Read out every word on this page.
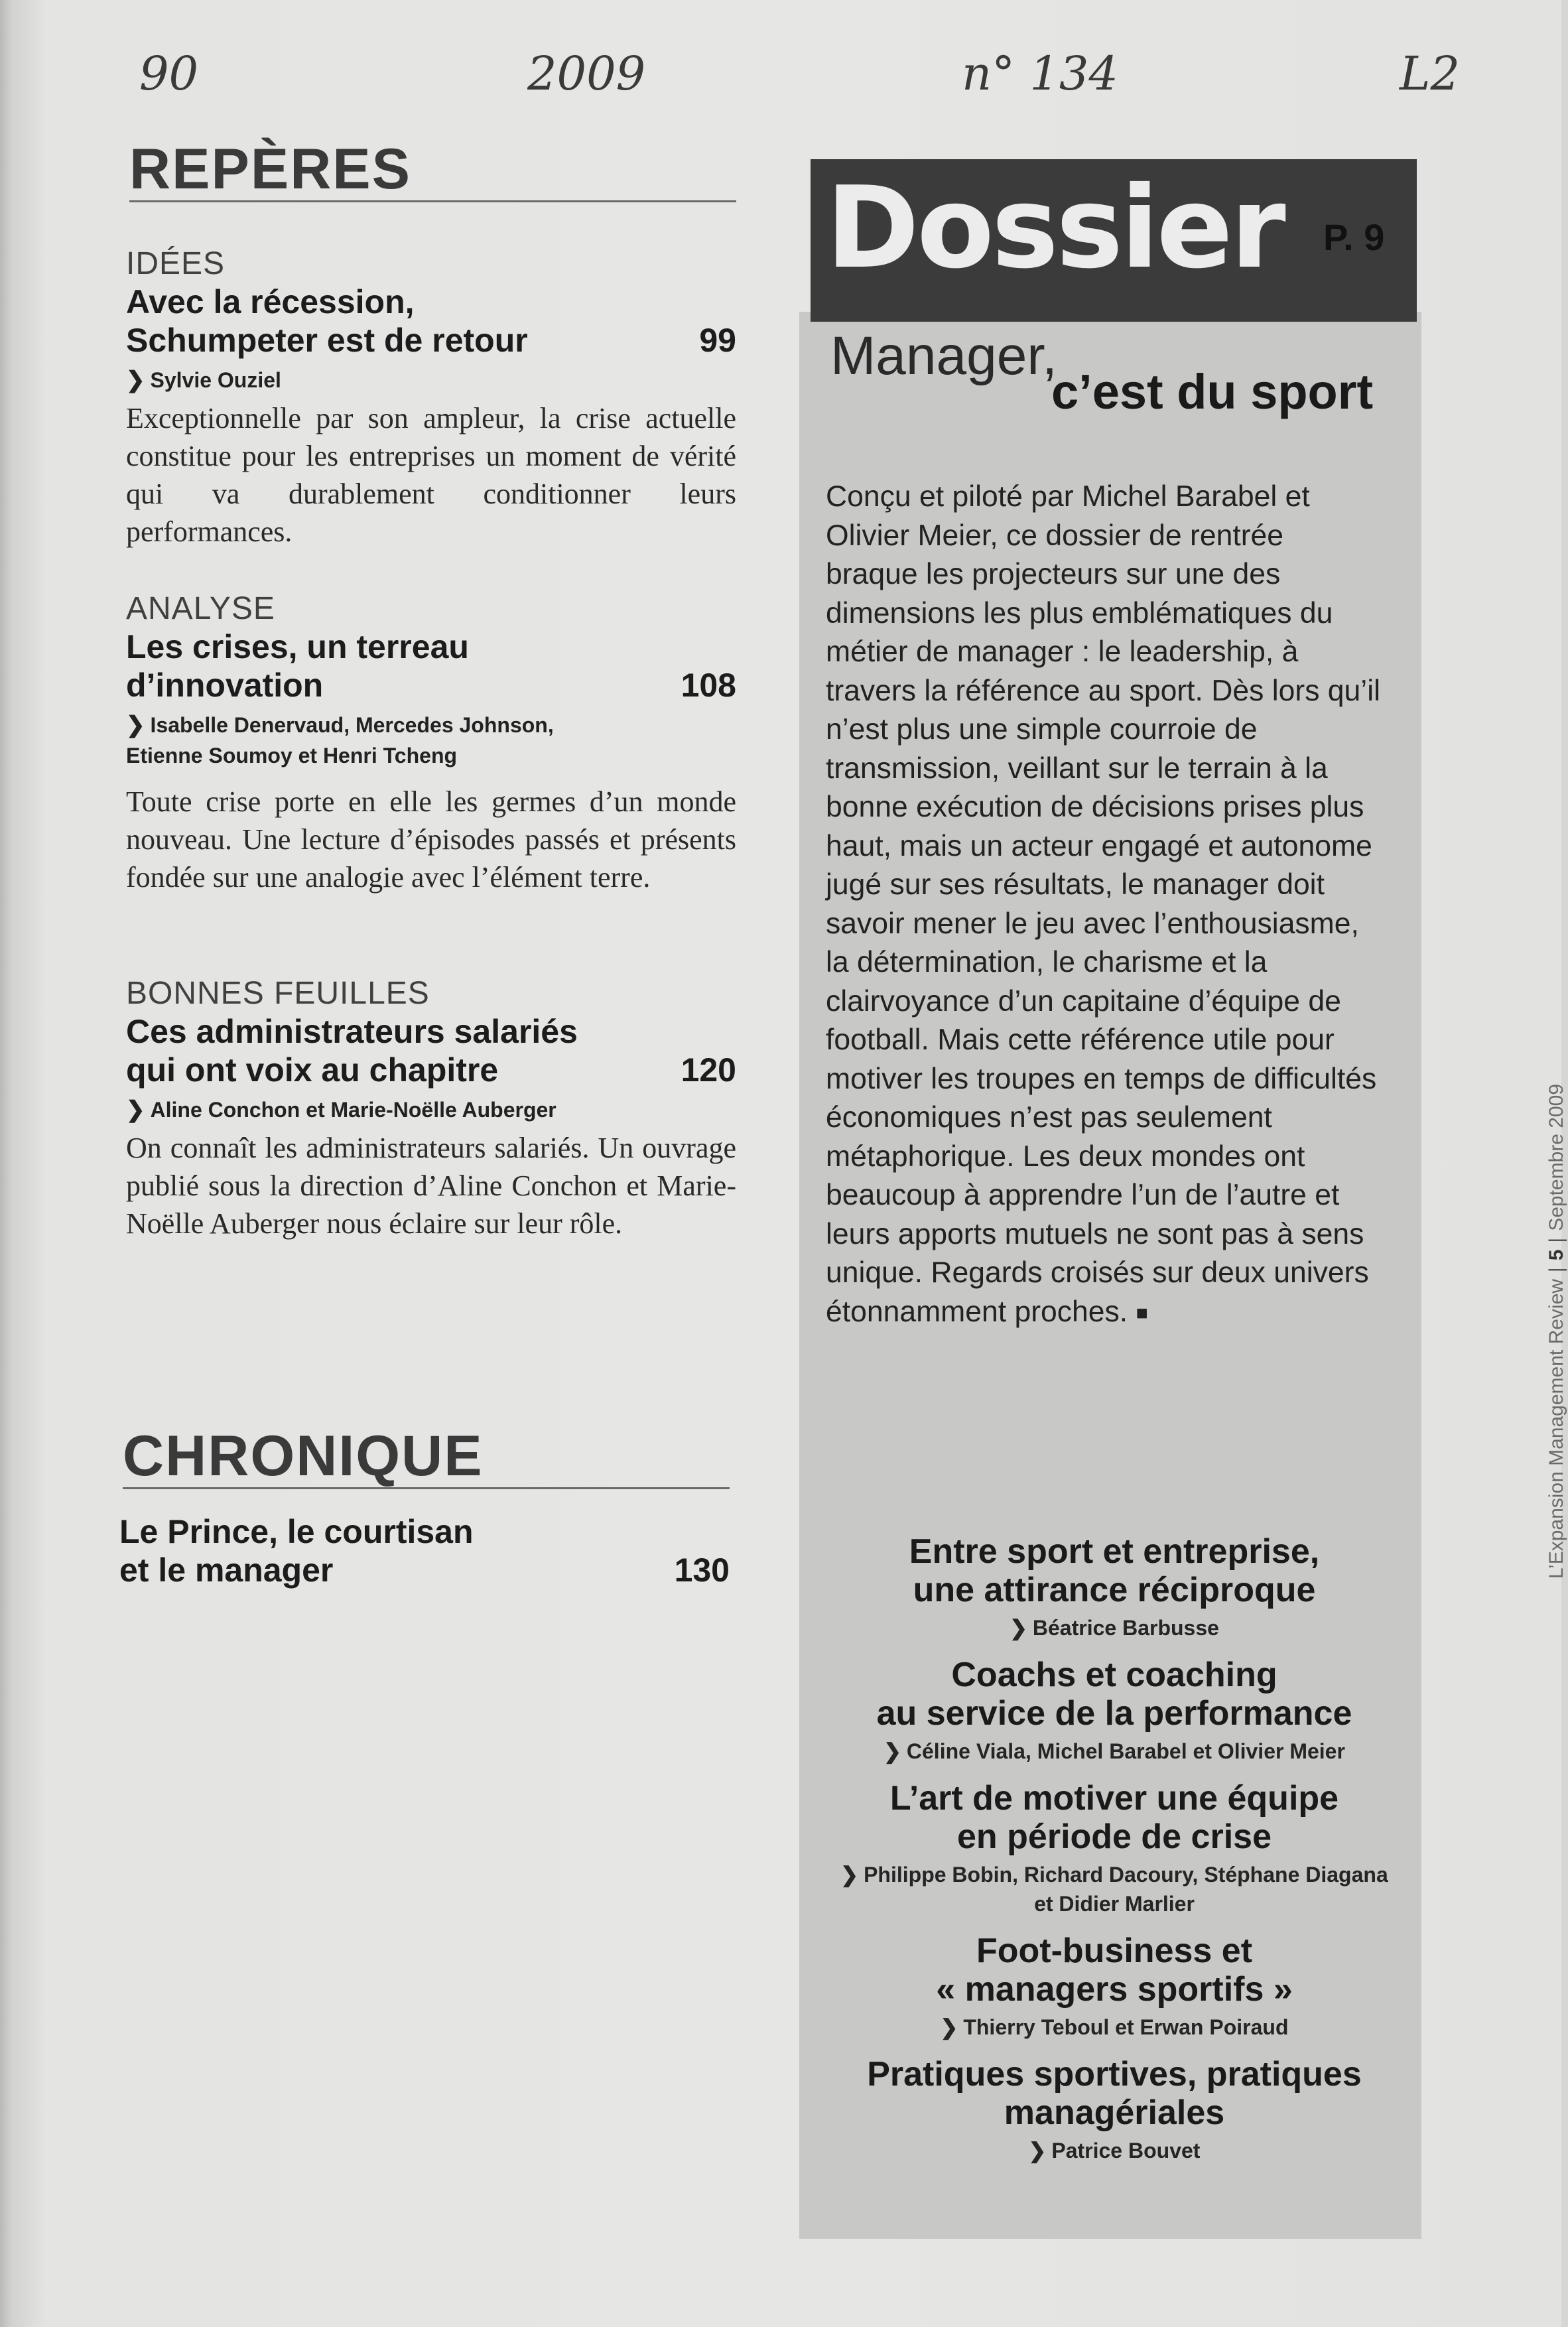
90	2009	n° 134	L2
REPÈRES
IDÉES
Avec la récession,
Schumpeter est de retour	99
❯ Sylvie Ouziel
Exceptionnelle par son ampleur, la crise actuelle constitue pour les entreprises un moment de vérité qui va durablement conditionner leurs performances.
ANALYSE
Les crises, un terreau
d’innovation	108
❯ Isabelle Denervaud, Mercedes Johnson,
Etienne Soumoy et Henri Tcheng
Toute crise porte en elle les germes d’un monde nouveau. Une lecture d’épisodes passés et présents fondée sur une analogie avec l’élément terre.
BONNES FEUILLES
Ces administrateurs salariés
qui ont voix au chapitre	120
❯ Aline Conchon et Marie-Noëlle Auberger
On connaît les administrateurs salariés. Un ouvrage publié sous la direction d’Aline Conchon et Marie-Noëlle Auberger nous éclaire sur leur rôle.
CHRONIQUE
Le Prince, le courtisan
et le manager	130
Dossier P. 9
Manager,
c’est du sport
Conçu et piloté par Michel Barabel et Olivier Meier, ce dossier de rentrée braque les projecteurs sur une des dimensions les plus emblématiques du métier de manager : le leadership, à travers la référence au sport. Dès lors qu’il n’est plus une simple courroie de transmission, veillant sur le terrain à la bonne exécution de décisions prises plus haut, mais un acteur engagé et autonome jugé sur ses résultats, le manager doit savoir mener le jeu avec l’enthousiasme, la détermination, le charisme et la clairvoyance d’un capitaine d’équipe de football. Mais cette référence utile pour motiver les troupes en temps de difficultés économiques n’est pas seulement métaphorique. Les deux mondes ont beaucoup à apprendre l’un de l’autre et leurs apports mutuels ne sont pas à sens unique. Regards croisés sur deux univers étonnamment proches. ■
Entre sport et entreprise,
une attirance réciproque
❯ Béatrice Barbusse
Coachs et coaching
au service de la performance
❯ Céline Viala, Michel Barabel et Olivier Meier
L’art de motiver une équipe
en période de crise
❯ Philippe Bobin, Richard Dacoury, Stéphane Diagana
et Didier Marlier
Foot-business et
« managers sportifs »
❯ Thierry Teboul et Erwan Poiraud
Pratiques sportives, pratiques
managériales
❯ Patrice Bouvet
L’Expansion Management Review|5|Septembre 2009
